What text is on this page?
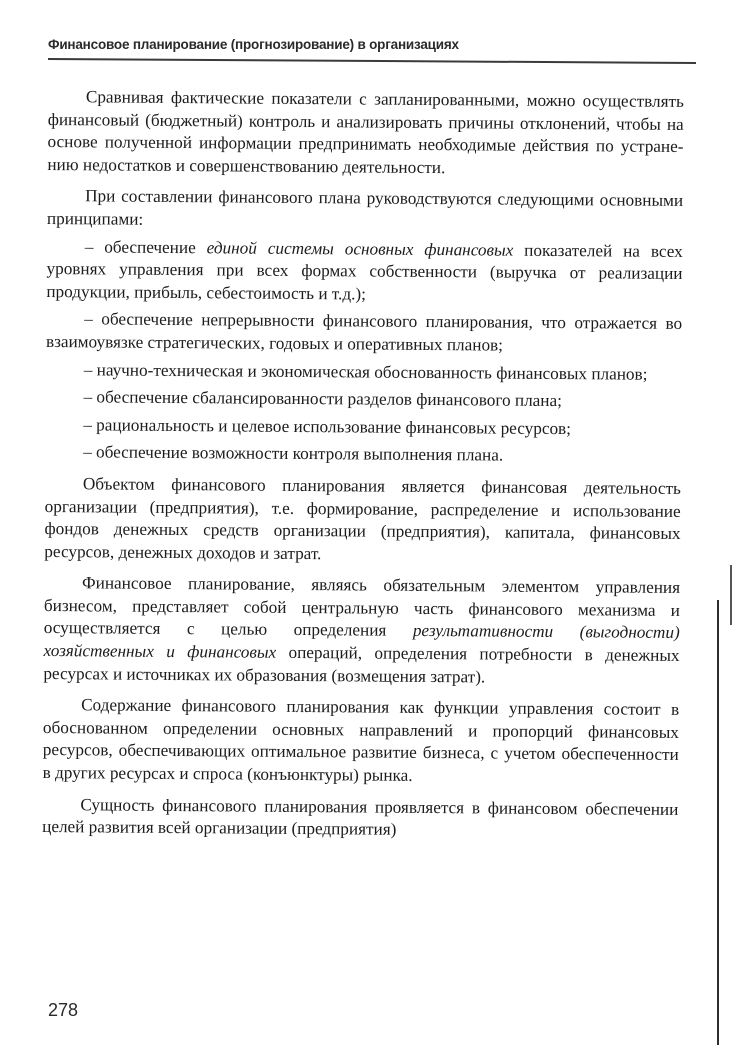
Финансовое планирование (прогнозирование) в организациях

Сравнивая фактические показатели с запланированными, можно осуществлять финансовый (бюджетный) контроль и анализировать причины отклонений, чтобы на основе полученной информации предпринимать необходимые действия по устранению недостатков и совершенствованию деятельности.

При составлении финансового плана руководствуются следующими основными принципами:

– обеспечение единой системы основных финансовых показателей на всех уровнях управления при всех формах собственности (выручка от реализации продукции, прибыль, себестоимость и т.д.);

– обеспечение непрерывности финансового планирования, что отражается во взаимоувязке стратегических, годовых и оперативных планов;

– научно-техническая и экономическая обоснованность финансовых планов;

– обеспечение сбалансированности разделов финансового плана;

– рациональность и целевое использование финансовых ресурсов;

– обеспечение возможности контроля выполнения плана.

Объектом финансового планирования является финансовая деятельность организации (предприятия), т.е. формирование, распределение и использование фондов денежных средств организации (предприятия), капитала, финансовых ресурсов, денежных доходов и затрат.

Финансовое планирование, являясь обязательным элементом управления бизнесом, представляет собой центральную часть финансового механизма и осуществляется с целью определения результативности (выгодности) хозяйственных и финансовых операций, определения потребности в денежных ресурсах и источниках их образования (возмещения затрат).

Содержание финансового планирования как функции управления состоит в обоснованном определении основных направлений и пропорций финансовых ресурсов, обеспечивающих оптимальное развитие бизнеса, с учетом обеспеченности в других ресурсах и спроса (конъюнктуры) рынка.

Сущность финансового планирования проявляется в финансовом обеспечении целей развития всей организации (предприятия)

278
